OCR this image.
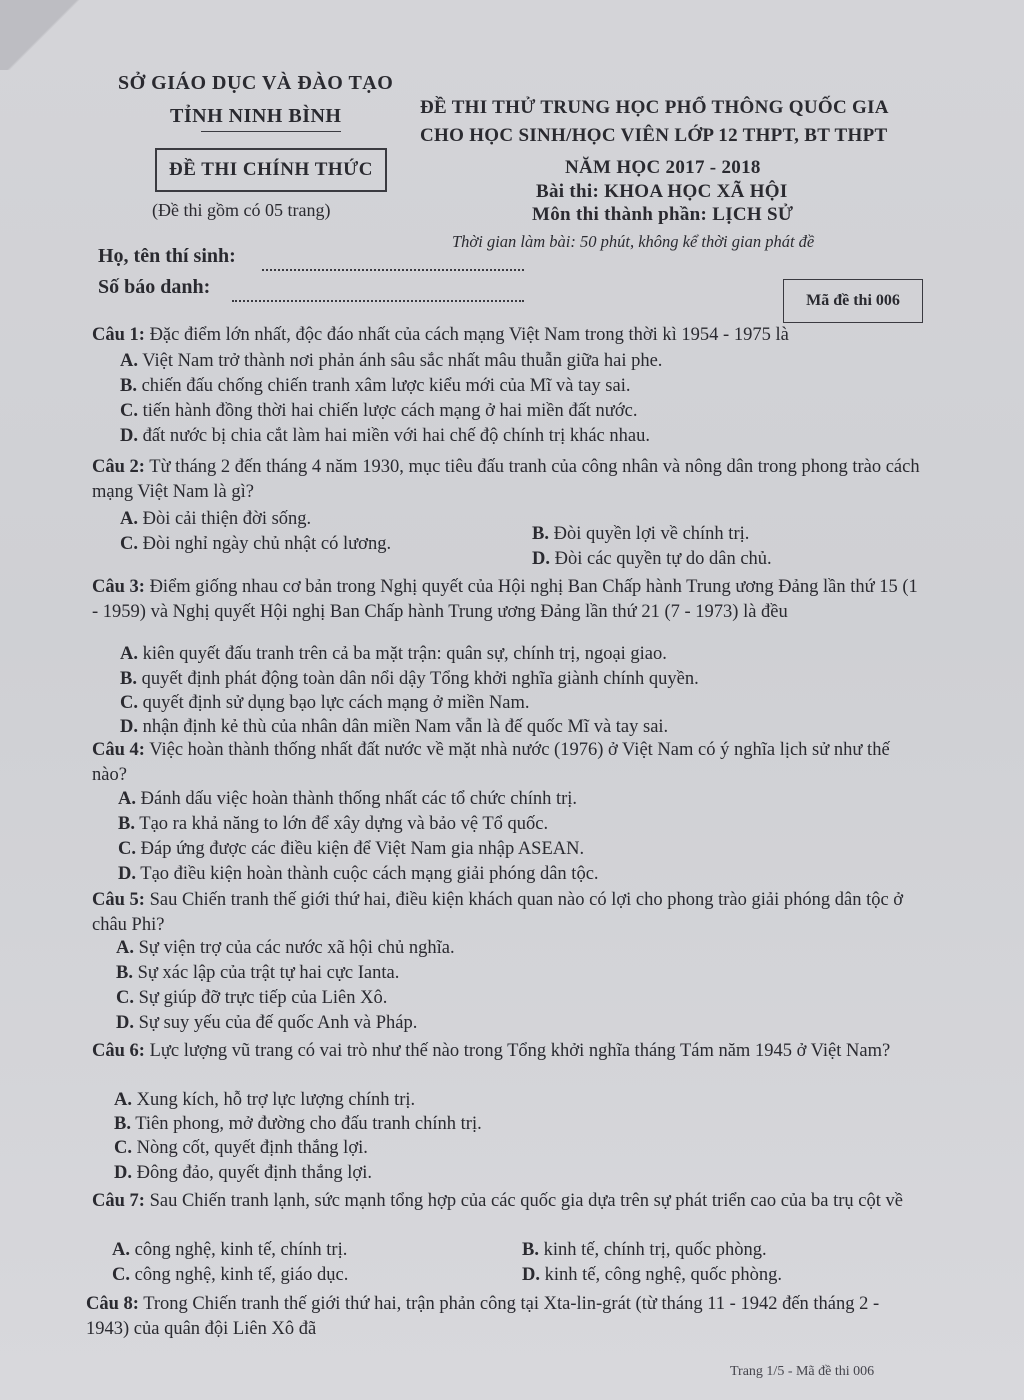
SỞ GIÁO DỤC VÀ ĐÀO TẠO
TỈNH NINH BÌNH
ĐỀ THI CHÍNH THỨC
(Đề thi gồm có 05 trang)
ĐỀ THI THỬ TRUNG HỌC PHỔ THÔNG QUỐC GIA
CHO HỌC SINH/HỌC VIÊN LỚP 12 THPT, BT THPT
NĂM HỌC 2017 - 2018
Bài thi: KHOA HỌC XÃ HỘI
Môn thi thành phần: LỊCH SỬ
Thời gian làm bài: 50 phút, không kể thời gian phát đề
Họ, tên thí sinh:
Số báo danh:
Mã đề thi 006
Câu 1: Đặc điểm lớn nhất, độc đáo nhất của cách mạng Việt Nam trong thời kì 1954 - 1975 là
A. Việt Nam trở thành nơi phản ánh sâu sắc nhất mâu thuẫn giữa hai phe.
B. chiến đấu chống chiến tranh xâm lược kiểu mới của Mĩ và tay sai.
C. tiến hành đồng thời hai chiến lược cách mạng ở hai miền đất nước.
D. đất nước bị chia cắt làm hai miền với hai chế độ chính trị khác nhau.
Câu 2: Từ tháng 2 đến tháng 4 năm 1930, mục tiêu đấu tranh của công nhân và nông dân trong phong trào cách mạng Việt Nam là gì?
A. Đòi cải thiện đời sống.
B. Đòi quyền lợi về chính trị.
C. Đòi nghỉ ngày chủ nhật có lương.
D. Đòi các quyền tự do dân chủ.
Câu 3: Điểm giống nhau cơ bản trong Nghị quyết của Hội nghị Ban Chấp hành Trung ương Đảng lần thứ 15 (1 - 1959) và Nghị quyết Hội nghị Ban Chấp hành Trung ương Đảng lần thứ 21 (7 - 1973) là đều
A. kiên quyết đấu tranh trên cả ba mặt trận: quân sự, chính trị, ngoại giao.
B. quyết định phát động toàn dân nổi dậy Tổng khởi nghĩa giành chính quyền.
C. quyết định sử dụng bạo lực cách mạng ở miền Nam.
D. nhận định kẻ thù của nhân dân miền Nam vẫn là đế quốc Mĩ và tay sai.
Câu 4: Việc hoàn thành thống nhất đất nước về mặt nhà nước (1976) ở Việt Nam có ý nghĩa lịch sử như thế nào?
A. Đánh dấu việc hoàn thành thống nhất các tổ chức chính trị.
B. Tạo ra khả năng to lớn để xây dựng và bảo vệ Tổ quốc.
C. Đáp ứng được các điều kiện để Việt Nam gia nhập ASEAN.
D. Tạo điều kiện hoàn thành cuộc cách mạng giải phóng dân tộc.
Câu 5: Sau Chiến tranh thế giới thứ hai, điều kiện khách quan nào có lợi cho phong trào giải phóng dân tộc ở châu Phi?
A. Sự viện trợ của các nước xã hội chủ nghĩa.
B. Sự xác lập của trật tự hai cực Ianta.
C. Sự giúp đỡ trực tiếp của Liên Xô.
D. Sự suy yếu của đế quốc Anh và Pháp.
Câu 6: Lực lượng vũ trang có vai trò như thế nào trong Tổng khởi nghĩa tháng Tám năm 1945 ở Việt Nam?
A. Xung kích, hỗ trợ lực lượng chính trị.
B. Tiên phong, mở đường cho đấu tranh chính trị.
C. Nòng cốt, quyết định thắng lợi.
D. Đông đảo, quyết định thắng lợi.
Câu 7: Sau Chiến tranh lạnh, sức mạnh tổng hợp của các quốc gia dựa trên sự phát triển cao của ba trụ cột về
A. công nghệ, kinh tế, chính trị.	B. kinh tế, chính trị, quốc phòng.
C. công nghệ, kinh tế, giáo dục.	D. kinh tế, công nghệ, quốc phòng.
Câu 8: Trong Chiến tranh thế giới thứ hai, trận phản công tại Xta-lin-grát (từ tháng 11 - 1942 đến tháng 2 - 1943) của quân đội Liên Xô đã
Trang 1/5 - Mã đề thi 006
